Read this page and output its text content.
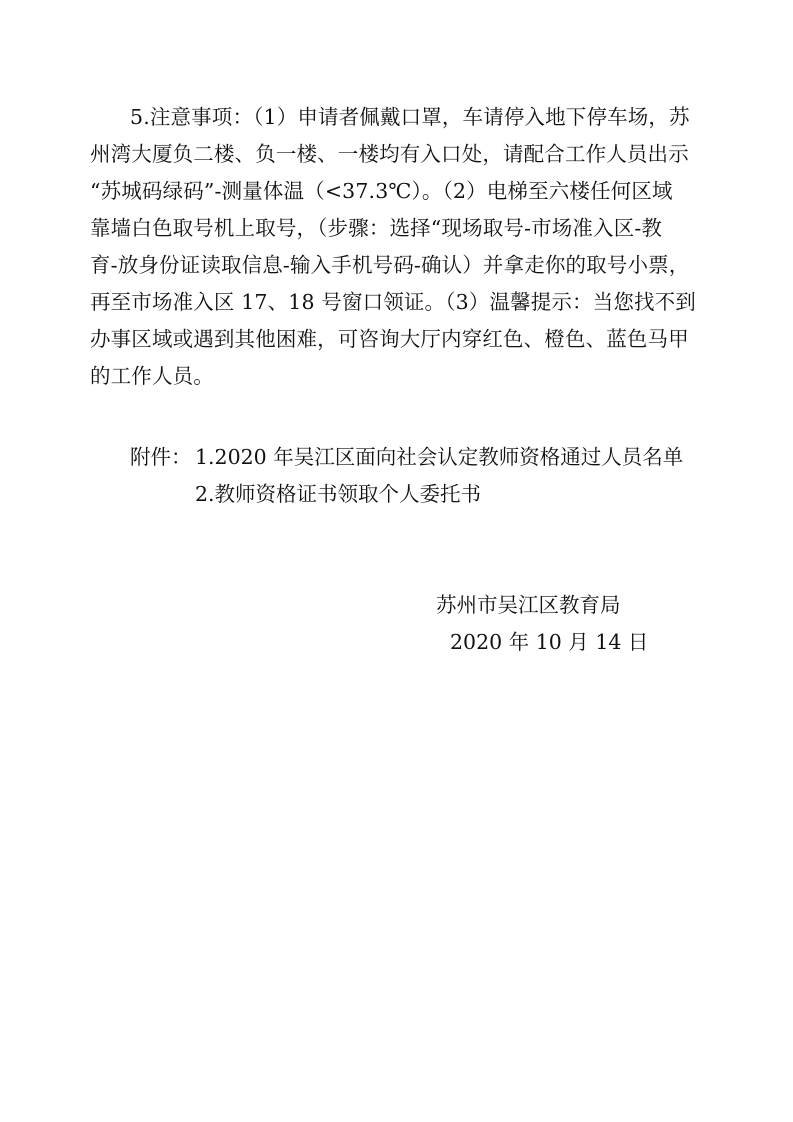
5.注意事项：（1）申请者佩戴口罩，车请停入地下停车场，苏
州湾大厦负二楼、负一楼、一楼均有入口处，请配合工作人员出示
“苏城码绿码”-测量体温（<37.3℃）。（2）电梯至六楼任何区域
靠墙白色取号机上取号，（步骤：选择“现场取号-市场准入区-教
育-放身份证读取信息-输入手机号码-确认）并拿走你的取号小票，
再至市场准入区 17、18 号窗口领证。（3）温馨提示：当您找不到
办事区域或遇到其他困难，可咨询大厅内穿红色、橙色、蓝色马甲
的工作人员。
附件： 1.2020 年吴江区面向社会认定教师资格通过人员名单
2.教师资格证书领取个人委托书
苏州市吴江区教育局
2020 年 10 月 14 日
